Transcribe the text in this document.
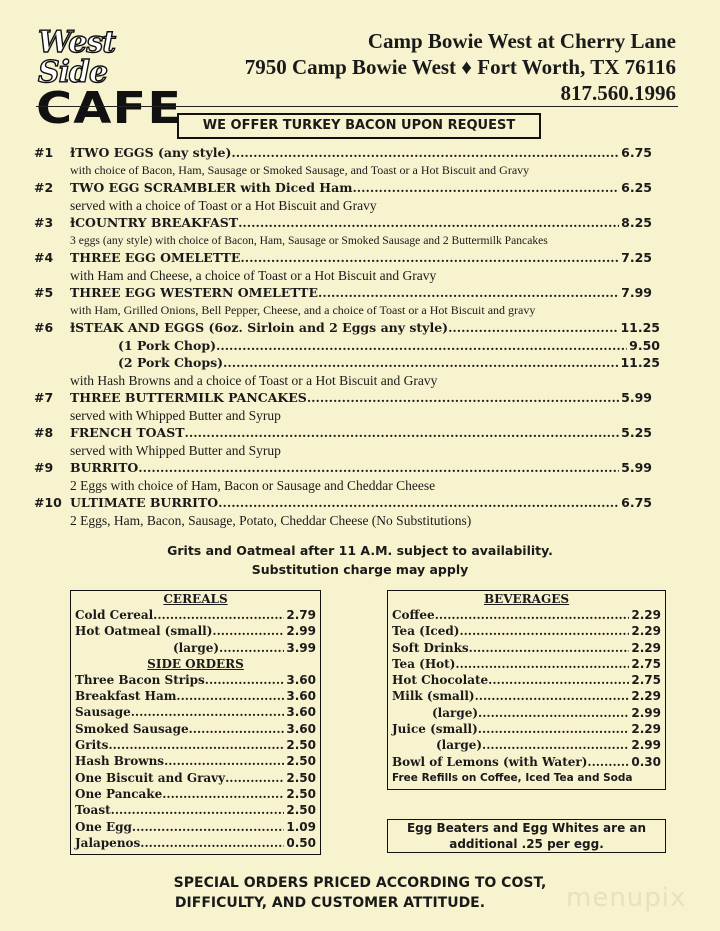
West Side
CAFE
Camp Bowie West at Cherry Lane
7950 Camp Bowie West ♦ Fort Worth, TX 76116
817.560.1996
WE OFFER TURKEY BACON UPON REQUEST
#1 ɫTWO EGGS (any style) .....	6.75
with choice of Bacon, Ham, Sausage or Smoked Sausage, and Toast or a Hot Biscuit and Gravy
#2 TWO EGG SCRAMBLER with Diced Ham .....	6.25
served with a choice of Toast or a Hot Biscuit and Gravy
#3 ɫCOUNTRY BREAKFAST .....	8.25
3 eggs (any style) with choice of Bacon, Ham, Sausage or Smoked Sausage and 2 Buttermilk Pancakes
#4 THREE EGG OMELETTE .....	7.25
with Ham and Cheese, a choice of Toast or a Hot Biscuit and Gravy
#5 THREE EGG WESTERN OMELETTE .....	7.99
with Ham, Grilled Onions, Bell Pepper, Cheese, and a choice of Toast or a Hot Biscuit and gravy
#6 ɫSTEAK AND EGGS (6oz. Sirloin and 2 Eggs any style) .....	11.25
(1 Pork Chop) .....	9.50
(2 Pork Chops) .....	11.25
with Hash Browns and a choice of Toast or a Hot Biscuit and Gravy
#7 THREE BUTTERMILK PANCAKES .....	5.99
served with Whipped Butter and Syrup
#8 FRENCH TOAST .....	5.25
served with Whipped Butter and Syrup
#9 BURRITO .....	5.99
2 Eggs with choice of Ham, Bacon or Sausage and Cheddar Cheese
#10 ULTIMATE BURRITO .....	6.75
2 Eggs, Ham, Bacon, Sausage, Potato, Cheddar Cheese (No Substitutions)
Grits and Oatmeal after 11 A.M. subject to availability.
Substitution charge may apply
CEREALS
Cold Cereal .....	2.79
Hot Oatmeal (small) .....	2.99
(large) .....	3.99
SIDE ORDERS
Three Bacon Strips .....	3.60
Breakfast Ham .....	3.60
Sausage .....	3.60
Smoked Sausage .....	3.60
Grits .....	2.50
Hash Browns .....	2.50
One Biscuit and Gravy .....	2.50
One Pancake .....	2.50
Toast .....	2.50
One Egg .....	1.09
Jalapenos .....	0.50
BEVERAGES
Coffee .....	2.29
Tea (Iced) .....	2.29
Soft Drinks .....	2.29
Tea (Hot) .....	2.75
Hot Chocolate .....	2.75
Milk (small) .....	2.29
(large) .....	2.99
Juice (small) .....	2.29
(large) .....	2.99
Bowl of Lemons (with Water) .....	0.30
Free Refills on Coffee, Iced Tea and Soda
Egg Beaters and Egg Whites are an
additional .25 per egg.
SPECIAL ORDERS PRICED ACCORDING TO COST,
DIFFICULTY, AND CUSTOMER ATTITUDE.	menupix
